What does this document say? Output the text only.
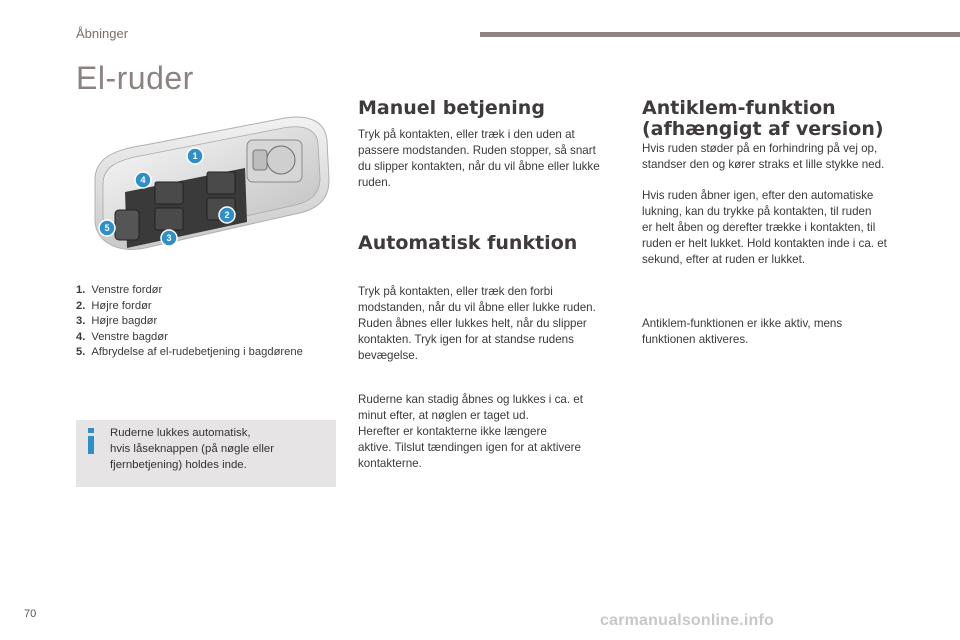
Åbninger
El-ruder
1
2
3
4
5
1. Venstre fordør
2. Højre fordør
3. Højre bagdør
4. Venstre bagdør
5. Afbrydelse af el-rudebetjening i bagdørene
Ruderne lukkes automatisk,
hvis låseknappen (på nøgle eller
fjernbetjening) holdes inde.
Manuel betjening
Tryk på kontakten, eller træk i den uden at
passere modstanden. Ruden stopper, så snart
du slipper kontakten, når du vil åbne eller lukke
ruden.
Automatisk funktion
Tryk på kontakten, eller træk den forbi
modstanden, når du vil åbne eller lukke ruden.
Ruden åbnes eller lukkes helt, når du slipper
kontakten. Tryk igen for at standse rudens
bevægelse.
Ruderne kan stadig åbnes og lukkes i ca. et
minut efter, at nøglen er taget ud.
Herefter er kontakterne ikke længere
aktive. Tilslut tændingen igen for at aktivere
kontakterne.
Antiklem-funktion
(afhængigt af version)
Hvis ruden støder på en forhindring på vej op,
standser den og kører straks et lille stykke ned.
Hvis ruden åbner igen, efter den automatiske
lukning, kan du trykke på kontakten, til ruden
er helt åben og derefter trække i kontakten, til
ruden er helt lukket. Hold kontakten inde i ca. et
sekund, efter at ruden er lukket.
Antiklem-funktionen er ikke aktiv, mens
funktionen aktiveres.
70	carmanualsonline.info
